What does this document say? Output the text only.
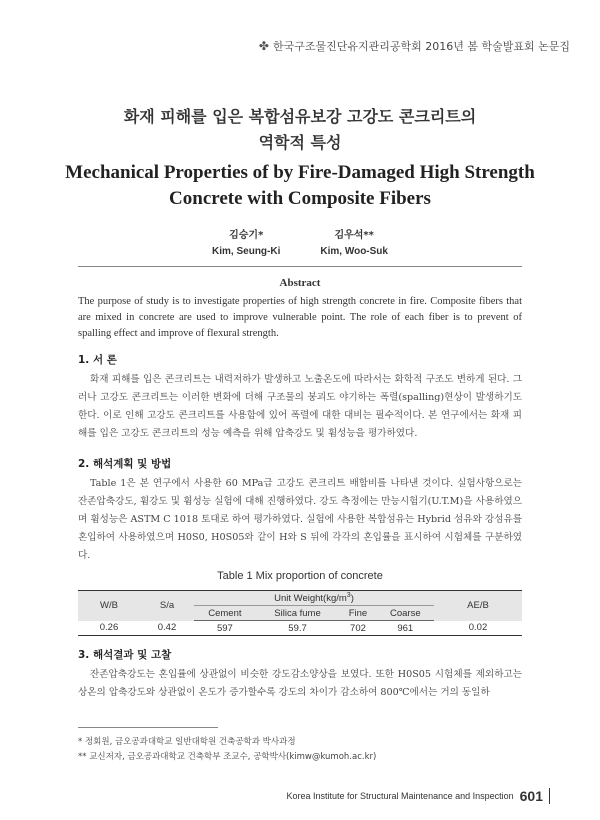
✤ 한국구조물진단유지관리공학회 2016년 봄 학술발표회 논문집
화재 피해를 입은 복합섬유보강 고강도 콘크리트의
역학적 특성
Mechanical Properties of by Fire-Damaged High Strength
Concrete with Composite Fibers
김승기*
Kim, Seung-Ki
김우석**
Kim, Woo-Suk
Abstract
The purpose of study is to investigate properties of high strength concrete in fire. Composite fibers that are mixed in concrete are used to improve vulnerable point. The role of each fiber is to prevent of spalling effect and improve of flexural strength.
1. 서 론
화재 피해를 입은 콘크리트는 내력저하가 발생하고 노출온도에 따라서는 화학적 구조도 변하게 된다. 그러나 고강도 콘크리트는 이러한 변화에 더해 구조물의 붕괴도 야기하는 폭렬(spalling)현상이 발생하기도 한다. 이로 인해 고강도 콘크리트를 사용함에 있어 폭렬에 대한 대비는 필수적이다. 본 연구에서는 화재 피해를 입은 고강도 콘크리트의 성능 예측을 위해 압축강도 및 휨성능을 평가하였다.
2. 해석계획 및 방법
Table 1은 본 연구에서 사용한 60 MPa급 고강도 콘크리트 배합비를 나타낸 것이다. 실험사항으로는 잔존압축강도, 휨강도 및 휨성능 실험에 대해 진행하였다. 강도 측정에는 만능시험기(U.T.M)을 사용하였으며 휨성능은 ASTM C 1018 토대로 하여 평가하였다. 실험에 사용한 복합섬유는 Hybrid 섬유와 강섬유를 혼입하여 사용하였으며 H0S0, H0S05와 같이 H와 S 뒤에 각각의 혼입률을 표시하여 시험체를 구분하였다.
Table 1 Mix proportion of concrete
W/B	S/a	Unit $Weight(kg/m^3)$				AE/B
		Cement	Silica fume	Fine	Coarse	
0.26	0.42	597	59.7	702	961	0.02
3. 해석결과 및 고찰
잔존압축강도는 혼입률에 상관없이 비슷한 강도감소양상을 보였다. 또한 H0S05 시험체를 제외하고는 상온의 압축강도와 상관없이 온도가 증가할수록 강도의 차이가 감소하여 800℃에서는 거의 동일하
* 정회원, 금오공과대학교 일반대학원 건축공학과 박사과정
** 교신저자, 금오공과대학교 건축학부 조교수, 공학박사(kimw@kumoh.ac.kr)
Korea Institute for Structural Maintenance and Inspection 601
